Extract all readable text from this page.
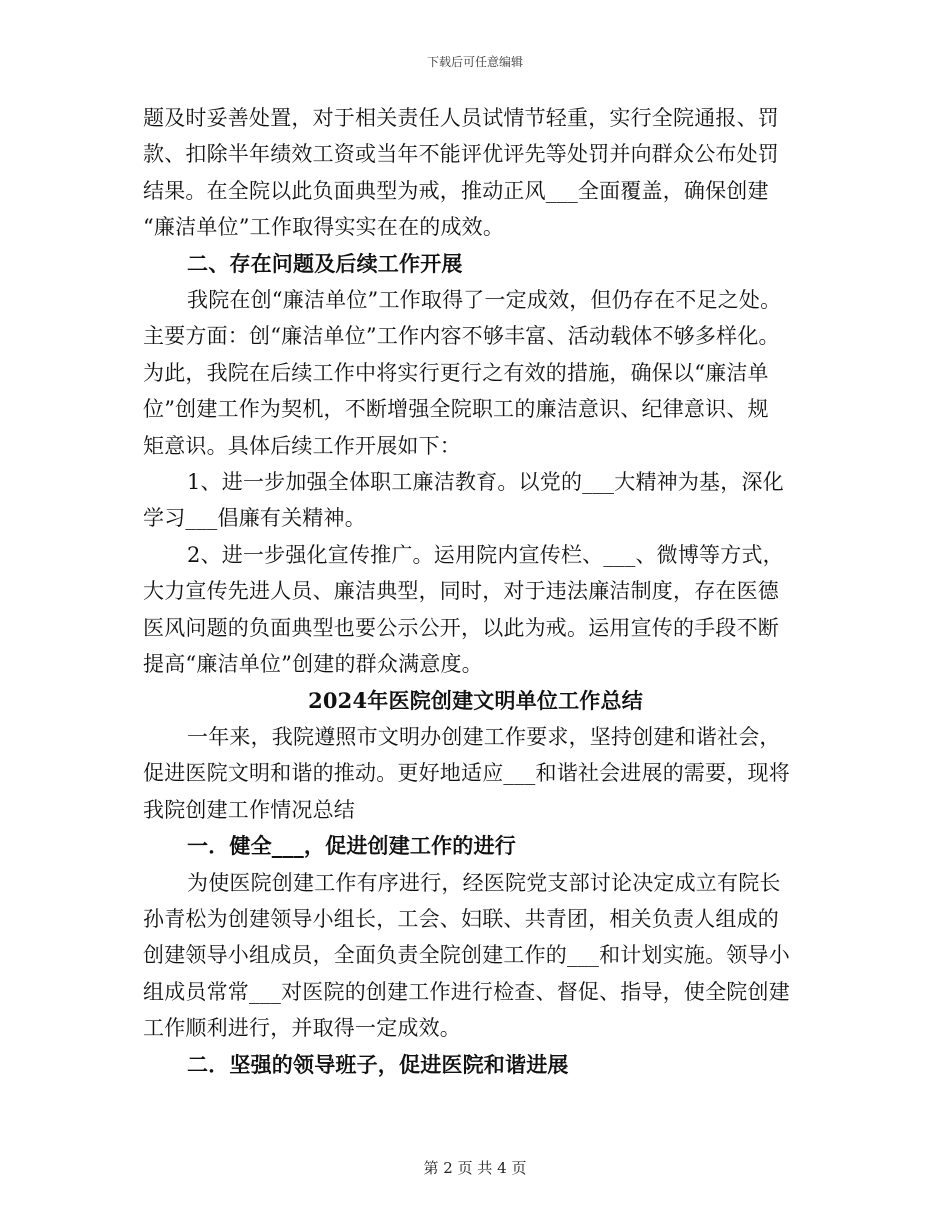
下载后可任意编辑
题及时妥善处置，对于相关责任人员试情节轻重，实行全院通报、罚
款、扣除半年绩效工资或当年不能评优评先等处罚并向群众公布处罚
结果。在全院以此负面典型为戒，推动正风___全面覆盖，确保创建
“廉洁单位”工作取得实实在在的成效。
二、存在问题及后续工作开展
我院在创“廉洁单位”工作取得了一定成效，但仍存在不足之处。
主要方面：创“廉洁单位”工作内容不够丰富、活动载体不够多样化。
为此，我院在后续工作中将实行更行之有效的措施，确保以“廉洁单
位”创建工作为契机，不断增强全院职工的廉洁意识、纪律意识、规
矩意识。具体后续工作开展如下：
1、进一步加强全体职工廉洁教育。以党的___大精神为基，深化
学习___倡廉有关精神。
2、进一步强化宣传推广。运用院内宣传栏、___、微博等方式，
大力宣传先进人员、廉洁典型，同时，对于违法廉洁制度，存在医德
医风问题的负面典型也要公示公开，以此为戒。运用宣传的手段不断
提高“廉洁单位”创建的群众满意度。
2024年医院创建文明单位工作总结
一年来，我院遵照市文明办创建工作要求，坚持创建和谐社会，
促进医院文明和谐的推动。更好地适应___和谐社会进展的需要，现将
我院创建工作情况总结
一．健全___，促进创建工作的进行
为使医院创建工作有序进行，经医院党支部讨论决定成立有院长
孙青松为创建领导小组长，工会、妇联、共青团，相关负责人组成的
创建领导小组成员，全面负责全院创建工作的___和计划实施。领导小
组成员常常___对医院的创建工作进行检查、督促、指导，使全院创建
工作顺利进行，并取得一定成效。
二．坚强的领导班子，促进医院和谐进展
第 2 页 共 4 页
